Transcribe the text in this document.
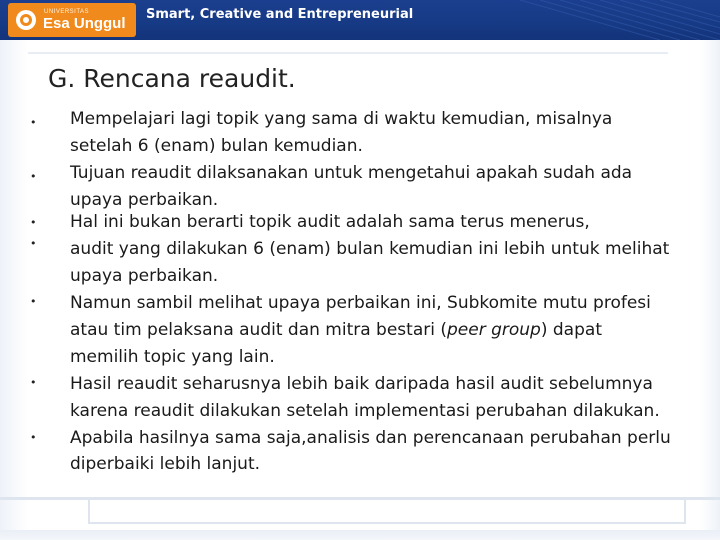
UNIVERSITAS
Esa Unggul
Smart, Creative and Entrepreneurial
G. Rencana reaudit.
•
•
•
•
•
•
•
Mempelajari lagi topik yang sama di waktu kemudian, misalnya
setelah 6 (enam) bulan kemudian.
Tujuan reaudit dilaksanakan untuk mengetahui apakah sudah ada
upaya perbaikan.
Hal ini bukan berarti topik audit adalah sama terus menerus,
audit yang dilakukan 6 (enam) bulan kemudian ini lebih untuk melihat
upaya perbaikan.
Namun sambil melihat upaya perbaikan ini, Subkomite mutu profesi
atau tim pelaksana audit dan mitra bestari (peer group) dapat
memilih topic yang lain.
Hasil reaudit seharusnya lebih baik daripada hasil audit sebelumnya
karena reaudit dilakukan setelah implementasi perubahan dilakukan.
Apabila hasilnya sama saja,analisis dan perencanaan perubahan perlu
diperbaiki lebih lanjut.
